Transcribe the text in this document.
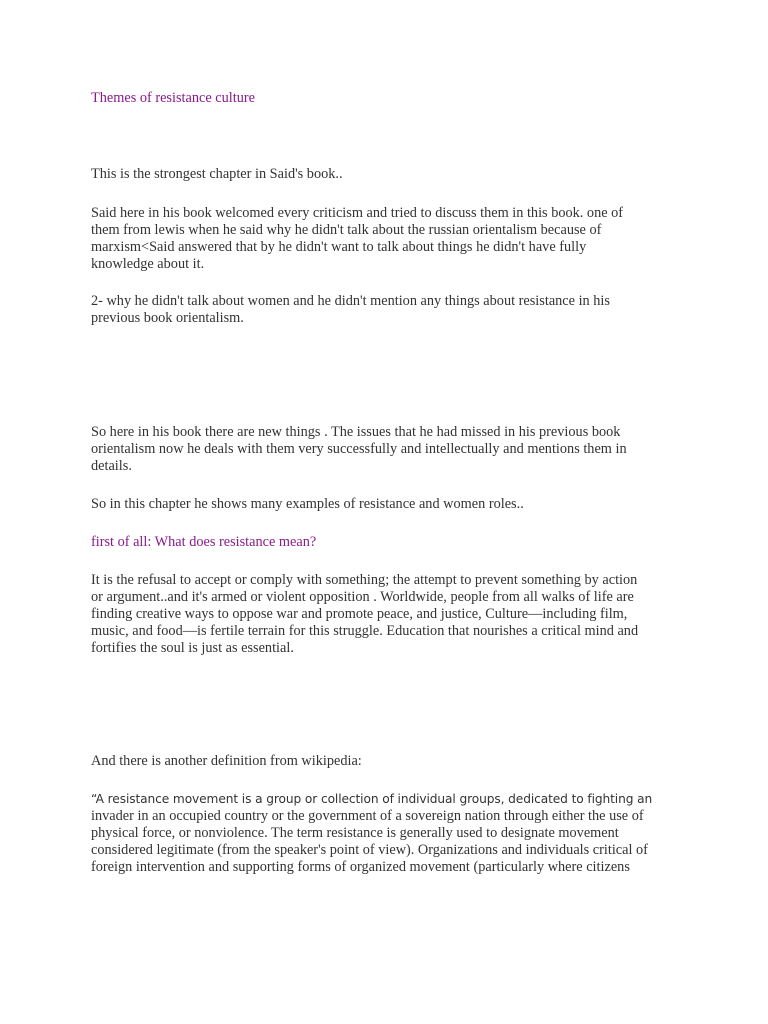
Themes of resistance culture

This is the strongest chapter in Said's book..

Said here in his book welcomed every criticism and tried to discuss them in this book. one of

them from lewis when he said why he didn't talk about the russian orientalism because of

marxism<Said answered that by he didn't want to talk about things he didn't have fully

knowledge about it.

2- why he didn't talk about women and he didn't mention any things about resistance in his

previous book orientalism.

So here in his book there are new things . The issues that he had missed in his previous book

orientalism now he deals with them very successfully and intellectually and mentions them in

details.

So in this chapter he shows many examples of resistance and women roles..

first of all: What does resistance mean?

It is the refusal to accept or comply with something; the attempt to prevent something by action

or argument..and it's armed or violent opposition . Worldwide, people from all walks of life are

finding creative ways to oppose war and promote peace, and justice, Culture—including film,

music, and food—is fertile terrain for this struggle. Education that nourishes a critical mind and

fortifies the soul is just as essential.

And there is another definition from wikipedia:

“A resistance movement is a group or collection of individual groups, dedicated to fighting an

invader in an occupied country or the government of a sovereign nation through either the use of

physical force, or nonviolence. The term resistance is generally used to designate movement

considered legitimate (from the speaker's point of view). Organizations and individuals critical of

foreign intervention and supporting forms of organized movement (particularly where citizens
